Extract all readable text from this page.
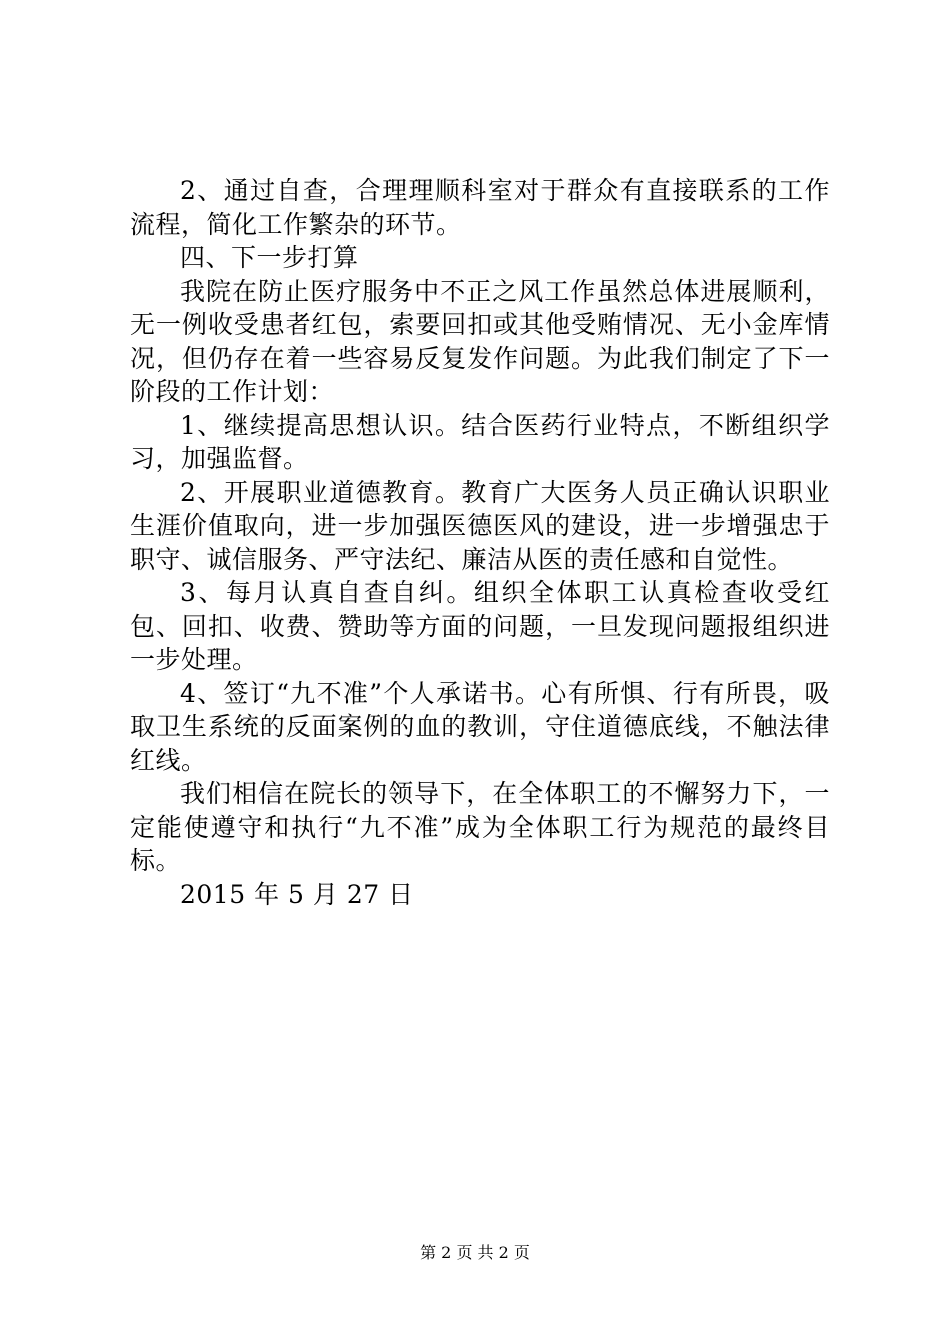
2、通过自查，合理理顺科室对于群众有直接联系的工作流程，简化工作繁杂的环节。

四、下一步打算

我院在防止医疗服务中不正之风工作虽然总体进展顺利，无一例收受患者红包，索要回扣或其他受贿情况、无小金库情况，但仍存在着一些容易反复发作问题。为此我们制定了下一阶段的工作计划：

1、继续提高思想认识。结合医药行业特点，不断组织学习，加强监督。

2、开展职业道德教育。教育广大医务人员正确认识职业生涯价值取向，进一步加强医德医风的建设，进一步增强忠于职守、诚信服务、严守法纪、廉洁从医的责任感和自觉性。

3、每月认真自查自纠。组织全体职工认真检查收受红包、回扣、收费、赞助等方面的问题，一旦发现问题报组织进一步处理。

4、签订“九不准”个人承诺书。心有所惧、行有所畏，吸取卫生系统的反面案例的血的教训，守住道德底线，不触法律红线。

我们相信在院长的领导下，在全体职工的不懈努力下，一定能使遵守和执行“九不准”成为全体职工行为规范的最终目标。

2015 年 5 月 27 日

第 2 页 共 2 页
